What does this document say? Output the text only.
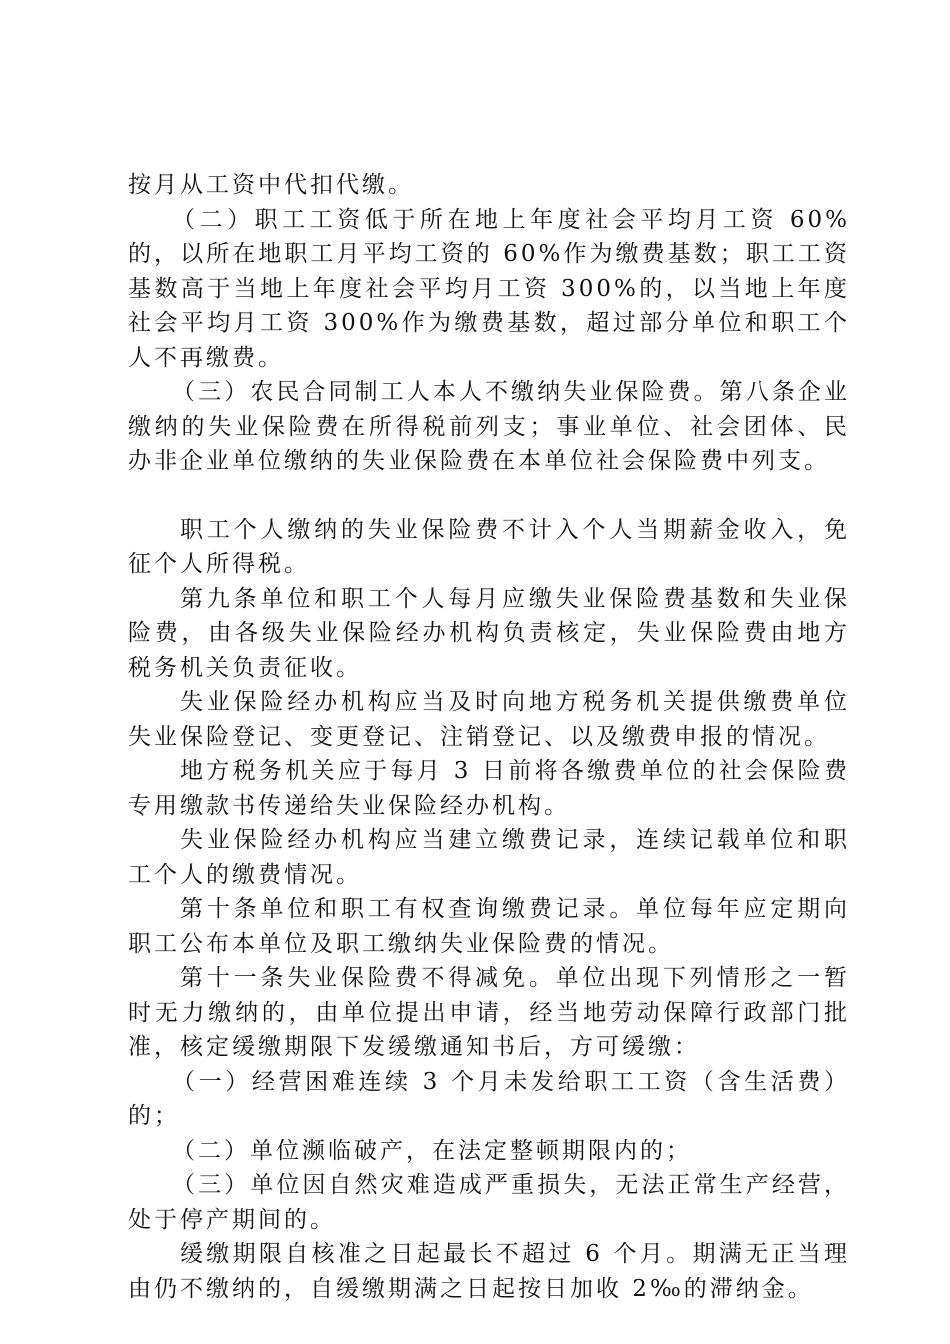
按月从工资中代扣代缴。

（二）职工工资低于所在地上年度社会平均月工资 60%的，以所在地职工月平均工资的 60%作为缴费基数；职工工资基数高于当地上年度社会平均月工资 300%的，以当地上年度社会平均月工资 300%作为缴费基数，超过部分单位和职工个人不再缴费。

（三）农民合同制工人本人不缴纳失业保险费。第八条企业缴纳的失业保险费在所得税前列支；事业单位、社会团体、民办非企业单位缴纳的失业保险费在本单位社会保险费中列支。

职工个人缴纳的失业保险费不计入个人当期薪金收入，免征个人所得税。

第九条单位和职工个人每月应缴失业保险费基数和失业保险费，由各级失业保险经办机构负责核定，失业保险费由地方税务机关负责征收。

失业保险经办机构应当及时向地方税务机关提供缴费单位失业保险登记、变更登记、注销登记、以及缴费申报的情况。

地方税务机关应于每月 3 日前将各缴费单位的社会保险费专用缴款书传递给失业保险经办机构。

失业保险经办机构应当建立缴费记录，连续记载单位和职工个人的缴费情况。

第十条单位和职工有权查询缴费记录。单位每年应定期向职工公布本单位及职工缴纳失业保险费的情况。

第十一条失业保险费不得减免。单位出现下列情形之一暂时无力缴纳的，由单位提出申请，经当地劳动保障行政部门批准，核定缓缴期限下发缓缴通知书后，方可缓缴：

（一）经营困难连续 3 个月未发给职工工资（含生活费）的；

（二）单位濒临破产，在法定整顿期限内的；

（三）单位因自然灾难造成严重损失，无法正常生产经营，处于停产期间的。

缓缴期限自核准之日起最长不超过 6 个月。期满无正当理由仍不缴纳的，自缓缴期满之日起按日加收 2‰的滞纳金。
